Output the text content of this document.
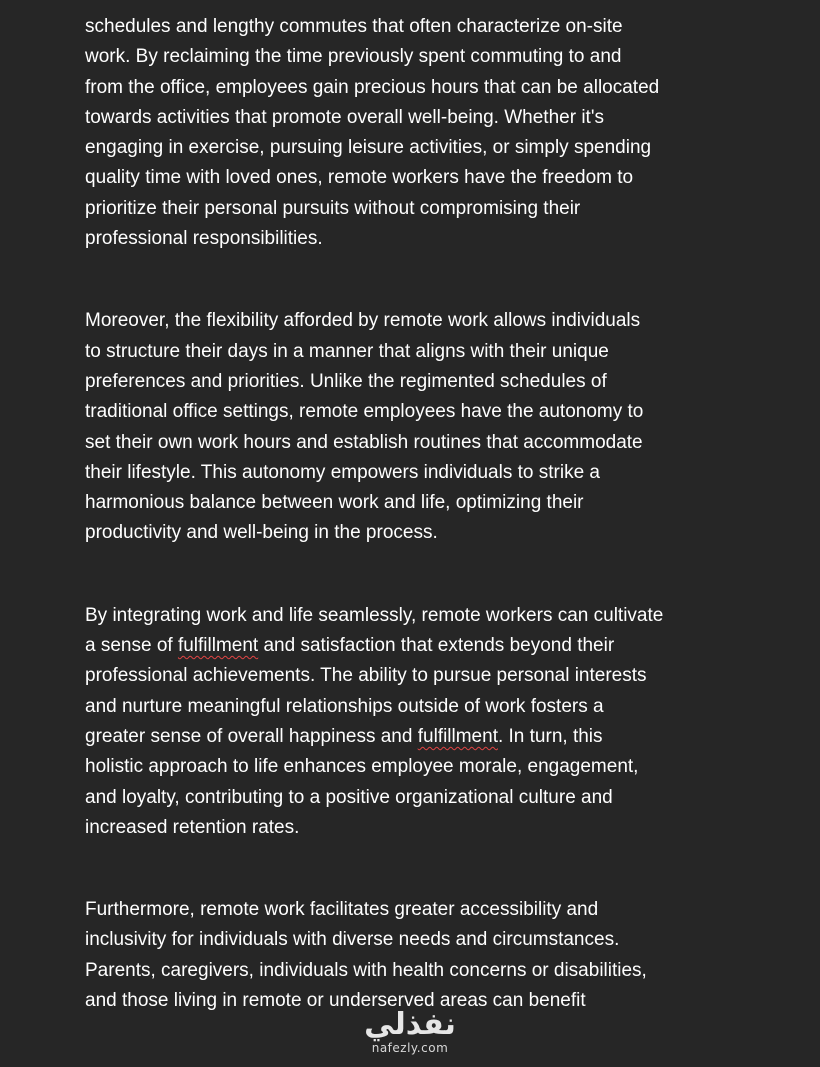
schedules and lengthy commutes that often characterize on-site
work. By reclaiming the time previously spent commuting to and
from the office, employees gain precious hours that can be allocated
towards activities that promote overall well-being. Whether it's
engaging in exercise, pursuing leisure activities, or simply spending
quality time with loved ones, remote workers have the freedom to
prioritize their personal pursuits without compromising their
professional responsibilities.

Moreover, the flexibility afforded by remote work allows individuals
to structure their days in a manner that aligns with their unique
preferences and priorities. Unlike the regimented schedules of
traditional office settings, remote employees have the autonomy to
set their own work hours and establish routines that accommodate
their lifestyle. This autonomy empowers individuals to strike a
harmonious balance between work and life, optimizing their
productivity and well-being in the process.

By integrating work and life seamlessly, remote workers can cultivate
a sense of fulfillment and satisfaction that extends beyond their
professional achievements. The ability to pursue personal interests
and nurture meaningful relationships outside of work fosters a
greater sense of overall happiness and fulfillment. In turn, this
holistic approach to life enhances employee morale, engagement,
and loyalty, contributing to a positive organizational culture and
increased retention rates.

Furthermore, remote work facilitates greater accessibility and
inclusivity for individuals with diverse needs and circumstances.
Parents, caregivers, individuals with health concerns or disabilities,
and those living in remote or underserved areas can benefit

نفذلي
nafezly.com
